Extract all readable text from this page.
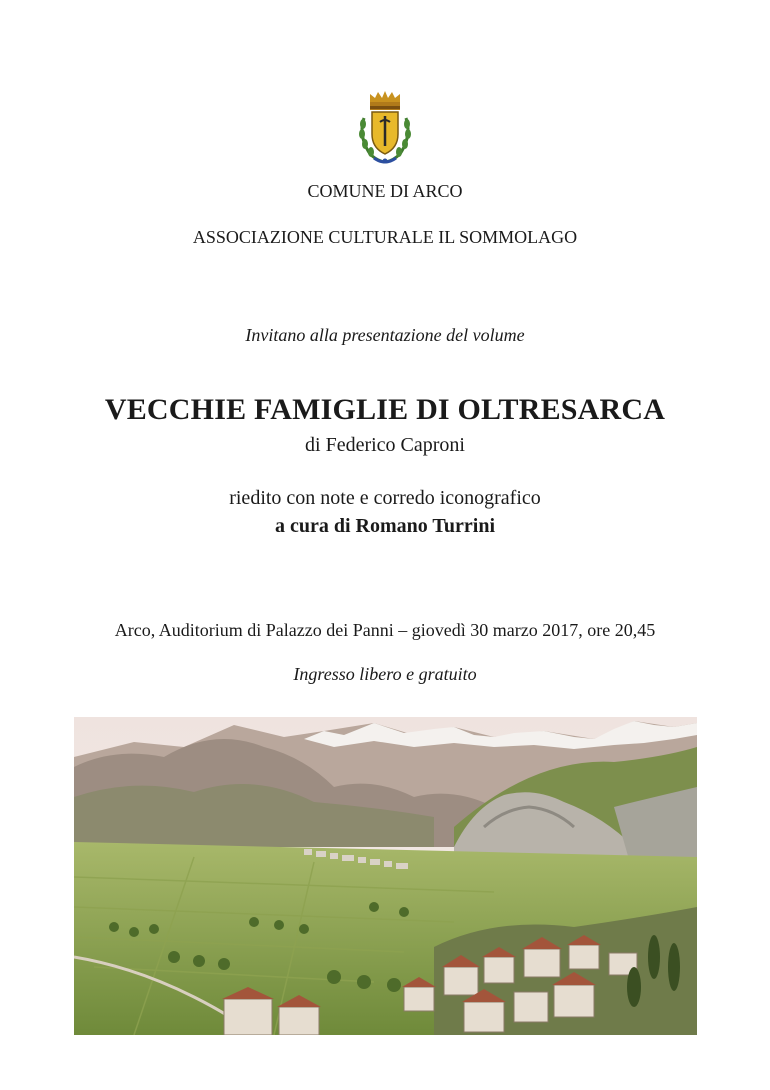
COMUNE DI ARCO
ASSOCIAZIONE CULTURALE IL SOMMOLAGO
Invitano alla presentazione del volume
VECCHIE FAMIGLIE DI OLTRESARCA
di Federico Caproni
riedito con note e corredo iconografico
a cura di Romano Turrini
Arco, Auditorium di Palazzo dei Panni – giovedì 30 marzo 2017, ore 20,45
Ingresso libero e gratuito
